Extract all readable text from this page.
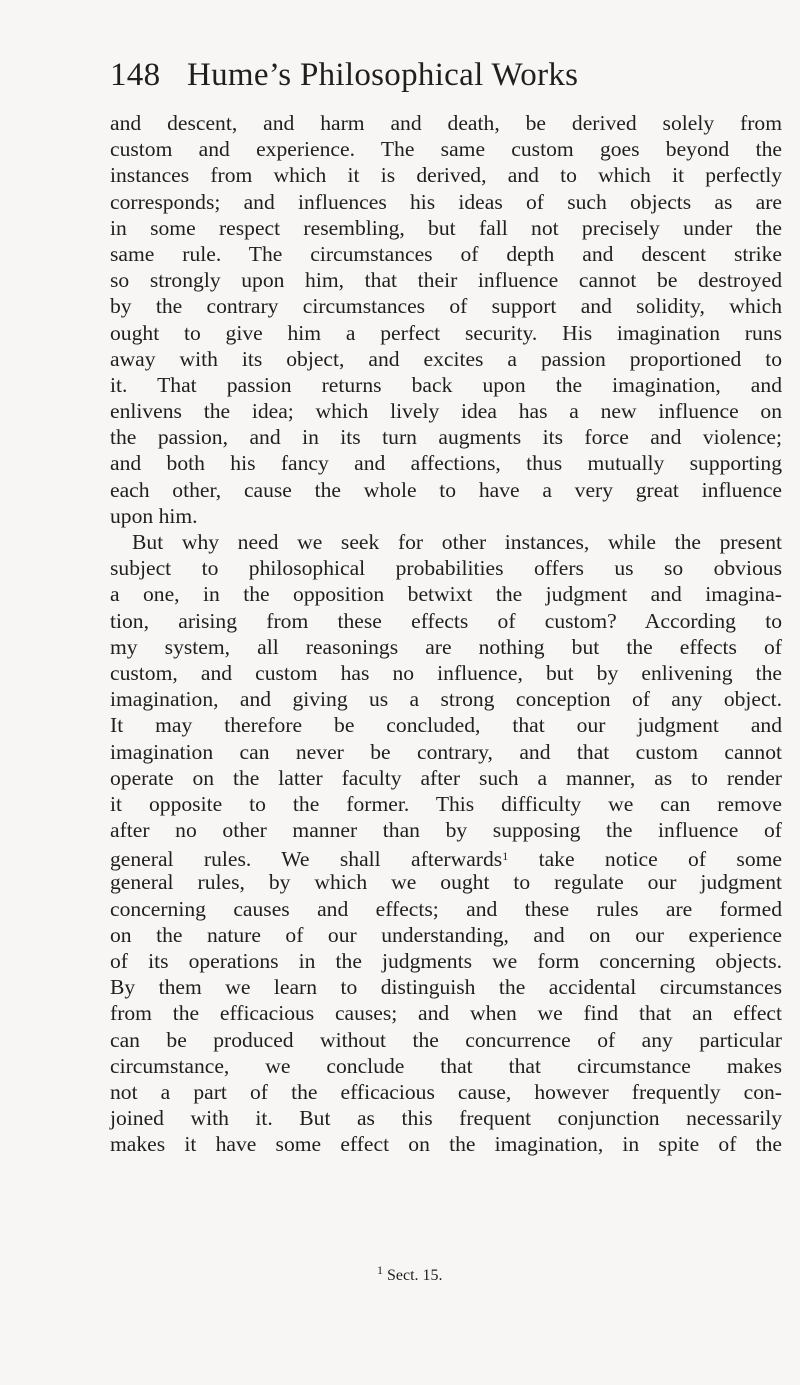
148 Hume’s Philosophical Works
and descent, and harm and death, be derived solely from
custom and experience. The same custom goes beyond the
instances from which it is derived, and to which it perfectly
corresponds; and influences his ideas of such objects as are
in some respect resembling, but fall not precisely under the
same rule. The circumstances of depth and descent strike
so strongly upon him, that their influence cannot be destroyed
by the contrary circumstances of support and solidity, which
ought to give him a perfect security. His imagination runs
away with its object, and excites a passion proportioned to
it. That passion returns back upon the imagination, and
enlivens the idea; which lively idea has a new influence on
the passion, and in its turn augments its force and violence;
and both his fancy and affections, thus mutually supporting
each other, cause the whole to have a very great influence
upon him.
But why need we seek for other instances, while the present
subject to philosophical probabilities offers us so obvious
a one, in the opposition betwixt the judgment and imagina-
tion, arising from these effects of custom? According to
my system, all reasonings are nothing but the effects of
custom, and custom has no influence, but by enlivening the
imagination, and giving us a strong conception of any object.
It may therefore be concluded, that our judgment and
imagination can never be contrary, and that custom cannot
operate on the latter faculty after such a manner, as to render
it opposite to the former. This difficulty we can remove
after no other manner than by supposing the influence of
general rules. We shall afterwards$^1$ take notice of some
general rules, by which we ought to regulate our judgment
concerning causes and effects; and these rules are formed
on the nature of our understanding, and on our experience
of its operations in the judgments we form concerning objects.
By them we learn to distinguish the accidental circumstances
from the efficacious causes; and when we find that an effect
can be produced without the concurrence of any particular
circumstance, we conclude that that circumstance makes
not a part of the efficacious cause, however frequently con-
joined with it. But as this frequent conjunction necessarily
makes it have some effect on the imagination, in spite of the
$^1$ Sect. 15.
